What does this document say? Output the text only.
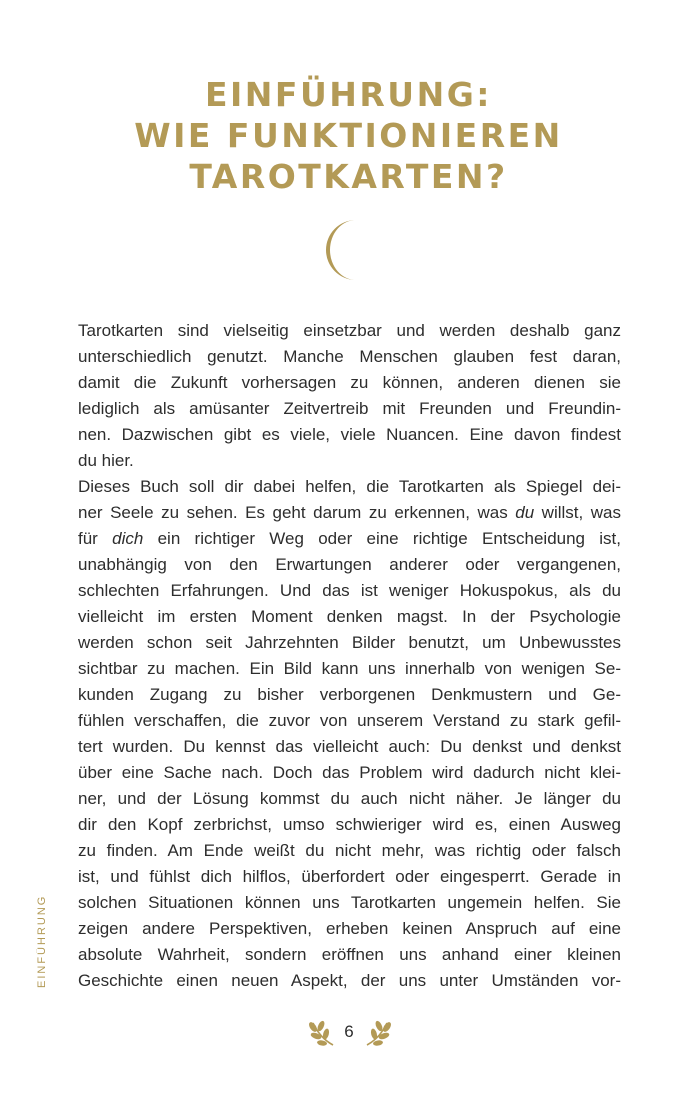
EINFÜHRUNG:
WIE FUNKTIONIEREN
TAROTKARTEN?
Tarotkarten sind vielseitig einsetzbar und werden deshalb ganz
unterschiedlich genutzt. Manche Menschen glauben fest daran,
damit die Zukunft vorhersagen zu können, anderen dienen sie
lediglich als amüsanter Zeitvertreib mit Freunden und Freundin-
nen. Dazwischen gibt es viele, viele Nuancen. Eine davon findest
du hier.
Dieses Buch soll dir dabei helfen, die Tarotkarten als Spiegel dei-
ner Seele zu sehen. Es geht darum zu erkennen, was du willst, was
für dich ein richtiger Weg oder eine richtige Entscheidung ist,
unabhängig von den Erwartungen anderer oder vergangenen,
schlechten Erfahrungen. Und das ist weniger Hokuspokus, als du
vielleicht im ersten Moment denken magst. In der Psychologie
werden schon seit Jahrzehnten Bilder benutzt, um Unbewusstes
sichtbar zu machen. Ein Bild kann uns innerhalb von wenigen Se-
kunden Zugang zu bisher verborgenen Denkmustern und Ge-
fühlen verschaffen, die zuvor von unserem Verstand zu stark gefil-
tert wurden. Du kennst das vielleicht auch: Du denkst und denkst
über eine Sache nach. Doch das Problem wird dadurch nicht klei-
ner, und der Lösung kommst du auch nicht näher. Je länger du
dir den Kopf zerbrichst, umso schwieriger wird es, einen Ausweg
zu finden. Am Ende weißt du nicht mehr, was richtig oder falsch
ist, und fühlst dich hilflos, überfordert oder eingesperrt. Gerade in
solchen Situationen können uns Tarotkarten ungemein helfen. Sie
zeigen andere Perspektiven, erheben keinen Anspruch auf eine
absolute Wahrheit, sondern eröffnen uns anhand einer kleinen
Geschichte einen neuen Aspekt, der uns unter Umständen vor-
EINFÜHRUNG
6
